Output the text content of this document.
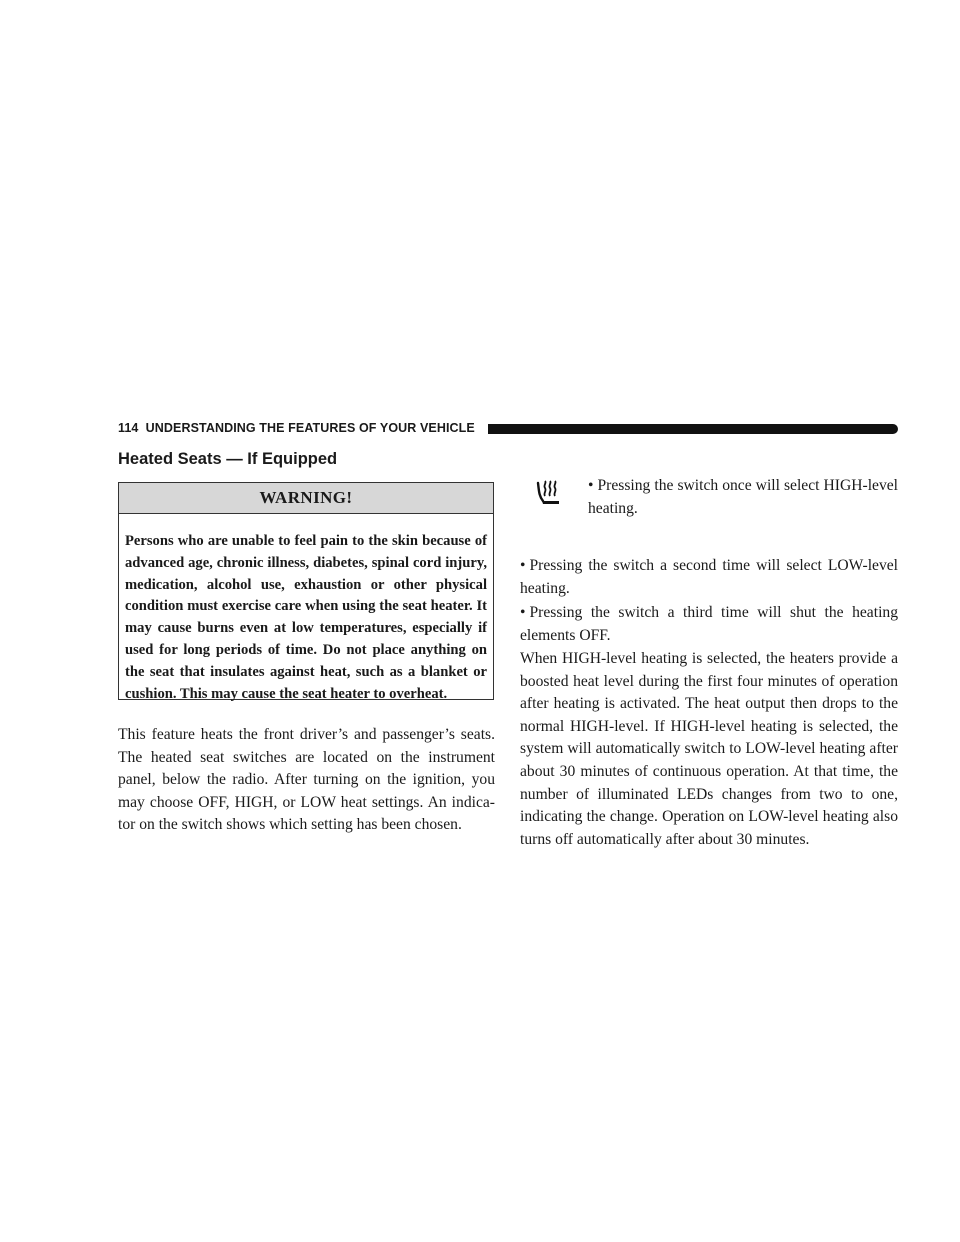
114 UNDERSTANDING THE FEATURES OF YOUR VEHICLE
Heated Seats — If Equipped
WARNING!

Persons who are unable to feel pain to the skin because of advanced age, chronic illness, diabetes, spinal cord injury, medication, alcohol use, exhaustion or other physical condition must exercise care when using the seat heater. It may cause burns even at low temperatures, especially if used for long periods of time. Do not place anything on the seat that insulates against heat, such as a blanket or cushion. This may cause the seat heater to overheat.

This feature heats the front driver’s and passenger’s seats. The heated seat switches are located on the instrument panel, below the radio. After turning on the ignition, you may choose OFF, HIGH, or LOW heat settings. An indicator on the switch shows which setting has been chosen.

• Pressing the switch once will select HIGH-level heating.

• Pressing the switch a second time will select LOW-level heating.

• Pressing the switch a third time will shut the heating elements OFF.

When HIGH-level heating is selected, the heaters provide a boosted heat level during the first four minutes of operation after heating is activated. The heat output then drops to the normal HIGH-level. If HIGH-level heating is selected, the system will automatically switch to LOW-level heating after about 30 minutes of continuous operation. At that time, the number of illuminated LEDs changes from two to one, indicating the change. Operation on LOW-level heating also turns off automatically after about 30 minutes.
